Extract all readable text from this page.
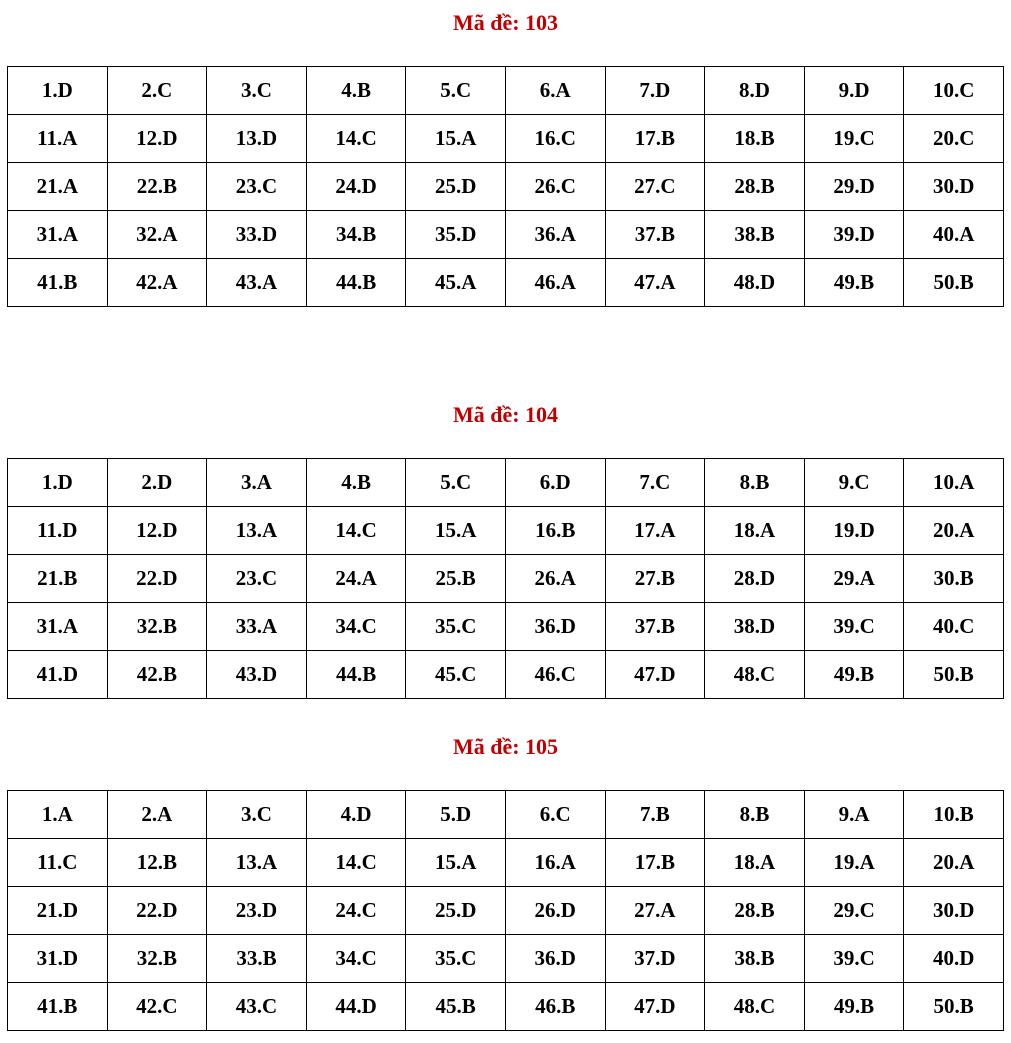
Mã đề: 103
1.D	2.C	3.C	4.B	5.C	6.A	7.D	8.D	9.D	10.C
11.A	12.D	13.D	14.C	15.A	16.C	17.B	18.B	19.C	20.C
21.A	22.B	23.C	24.D	25.D	26.C	27.C	28.B	29.D	30.D
31.A	32.A	33.D	34.B	35.D	36.A	37.B	38.B	39.D	40.A
41.B	42.A	43.A	44.B	45.A	46.A	47.A	48.D	49.B	50.B
Mã đề: 104
1.D	2.D	3.A	4.B	5.C	6.D	7.C	8.B	9.C	10.A
11.D	12.D	13.A	14.C	15.A	16.B	17.A	18.A	19.D	20.A
21.B	22.D	23.C	24.A	25.B	26.A	27.B	28.D	29.A	30.B
31.A	32.B	33.A	34.C	35.C	36.D	37.B	38.D	39.C	40.C
41.D	42.B	43.D	44.B	45.C	46.C	47.D	48.C	49.B	50.B
Mã đề: 105
1.A	2.A	3.C	4.D	5.D	6.C	7.B	8.B	9.A	10.B
11.C	12.B	13.A	14.C	15.A	16.A	17.B	18.A	19.A	20.A
21.D	22.D	23.D	24.C	25.D	26.D	27.A	28.B	29.C	30.D
31.D	32.B	33.B	34.C	35.C	36.D	37.D	38.B	39.C	40.D
41.B	42.C	43.C	44.D	45.B	46.B	47.D	48.C	49.B	50.B
